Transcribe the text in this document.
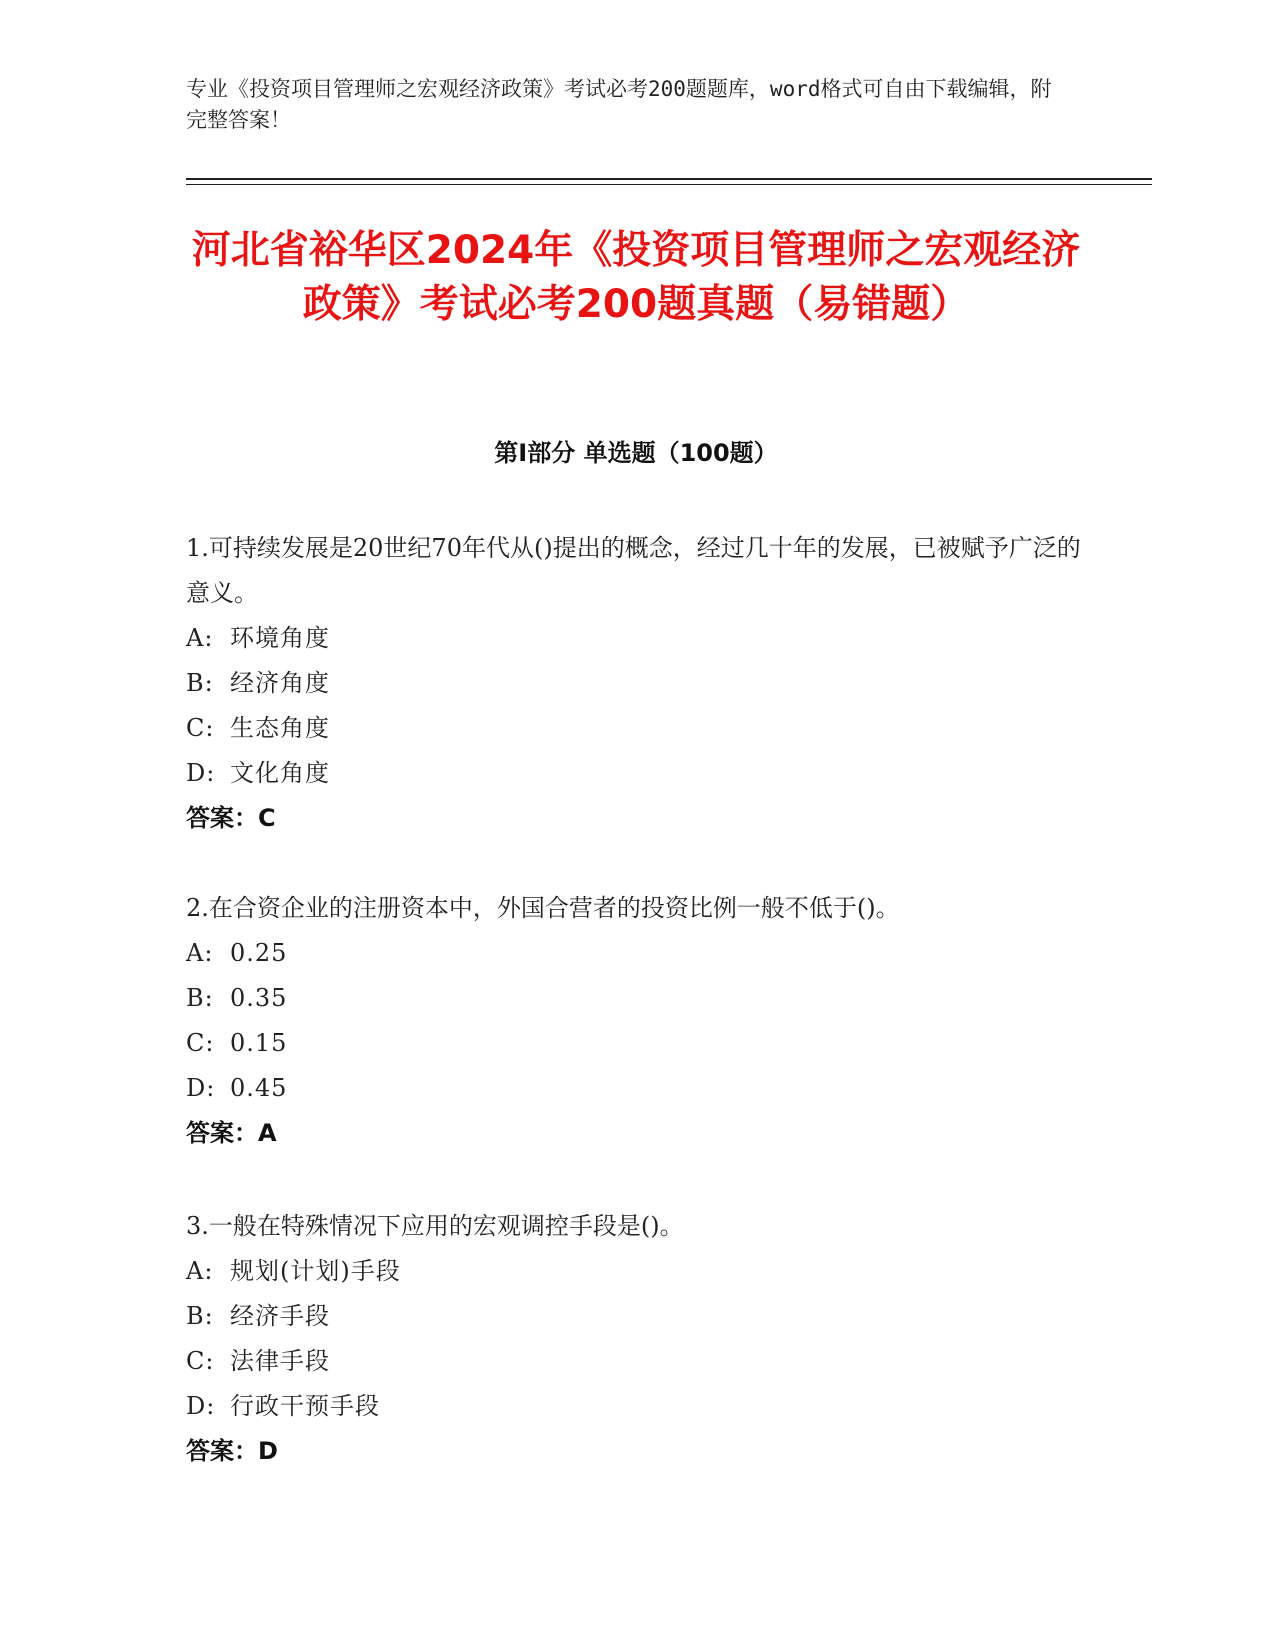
专业《投资项目管理师之宏观经济政策》考试必考200题题库，word格式可自由下载编辑，附完整答案！
河北省裕华区2024年《投资项目管理师之宏观经济政策》考试必考200题真题（易错题）
第Ⅰ部分 单选题（100题）

1.可持续发展是20世纪70年代从()提出的概念，经过几十年的发展，已被赋予广泛的意义。

A: 环境角度

B: 经济角度

C: 生态角度

D: 文化角度

答案：C

2.在合资企业的注册资本中，外国合营者的投资比例一般不低于()。

A: 0.25

B: 0.35

C: 0.15

D: 0.45

答案：A

3.一般在特殊情况下应用的宏观调控手段是()。

A: 规划(计划)手段

B: 经济手段

C: 法律手段

D: 行政干预手段

答案：D
